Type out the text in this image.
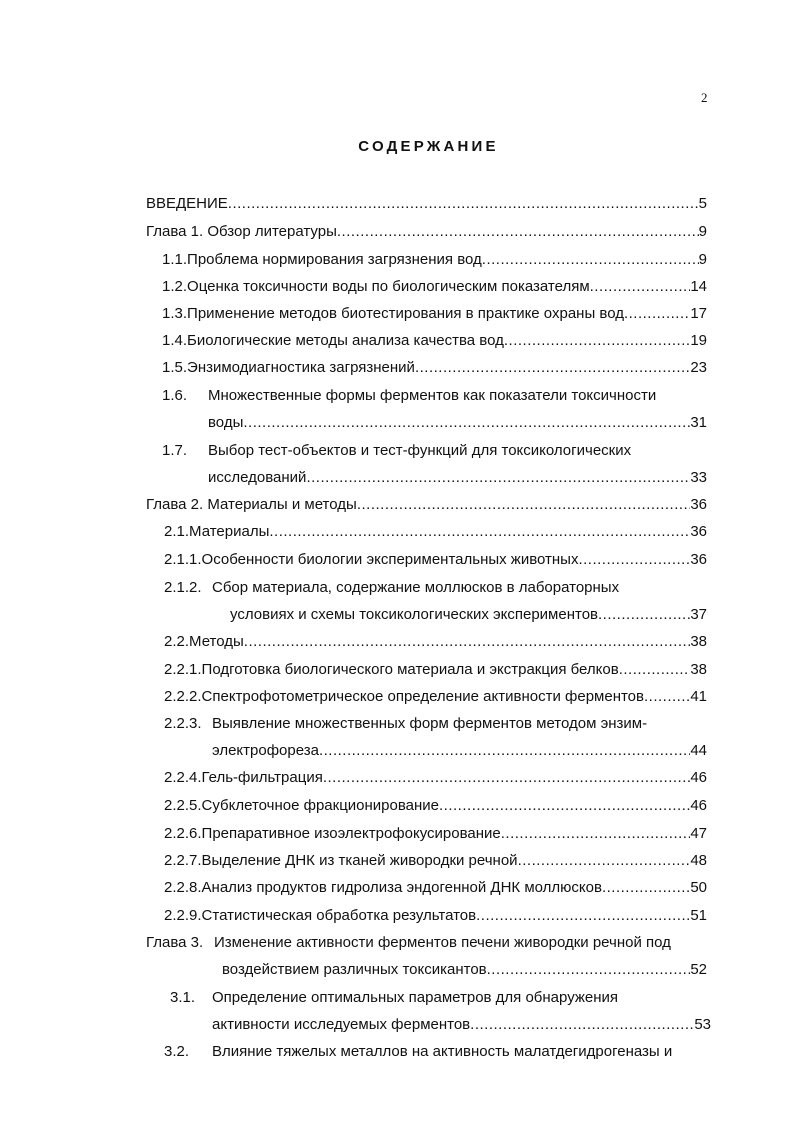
2
СОДЕРЖАНИЕ
ВВЕДЕНИЕ .....	5
Глава 1. Обзор литературы .....	9
1.1. Проблема нормирования загрязнения вод .....	9
1.2. Оценка токсичности воды по биологическим показателям .....	14
1.3. Применение методов биотестирования в практике охраны вод .....	17
1.4. Биологические методы анализа качества вод .....	19
1.5. Энзимодиагностика загрязнений .....	23
1.6.	Множественные формы ферментов как показатели токсичности
воды .....	31
1.7.	Выбор тест-объектов и тест-функций для токсикологических
исследований .....	33
Глава 2. Материалы и методы .....	36
2.1. Материалы .....	36
2.1.1. Особенности биологии экспериментальных животных .....	36
2.1.2. Сбор материала, содержание моллюсков в лабораторных
условиях и схемы токсикологических экспериментов .....	37
2.2. Методы .....	38
2.2.1. Подготовка биологического материала и экстракция белков .....	38
2.2.2. Спектрофотометрическое определение активности ферментов .....	41
2.2.3. Выявление множественных форм ферментов методом энзим-
электрофореза .....	44
2.2.4. Гель-фильтрация .....	46
2.2.5. Субклеточное фракционирование .....	46
2.2.6. Препаративное изоэлектрофокусирование .....	47
2.2.7. Выделение ДНК из тканей живородки речной .....	48
2.2.8. Анализ продуктов гидролиза эндогенной ДНК моллюсков .....	50
2.2.9. Статистическая обработка результатов .....	51
Глава 3. Изменение активности ферментов печени живородки речной под
воздействием различных токсикантов .....	52
3.1.	Определение оптимальных параметров для обнаружения
активности исследуемых ферментов .....	53
3.2.	Влияние тяжелых металлов на активность малатдегидрогеназы и
